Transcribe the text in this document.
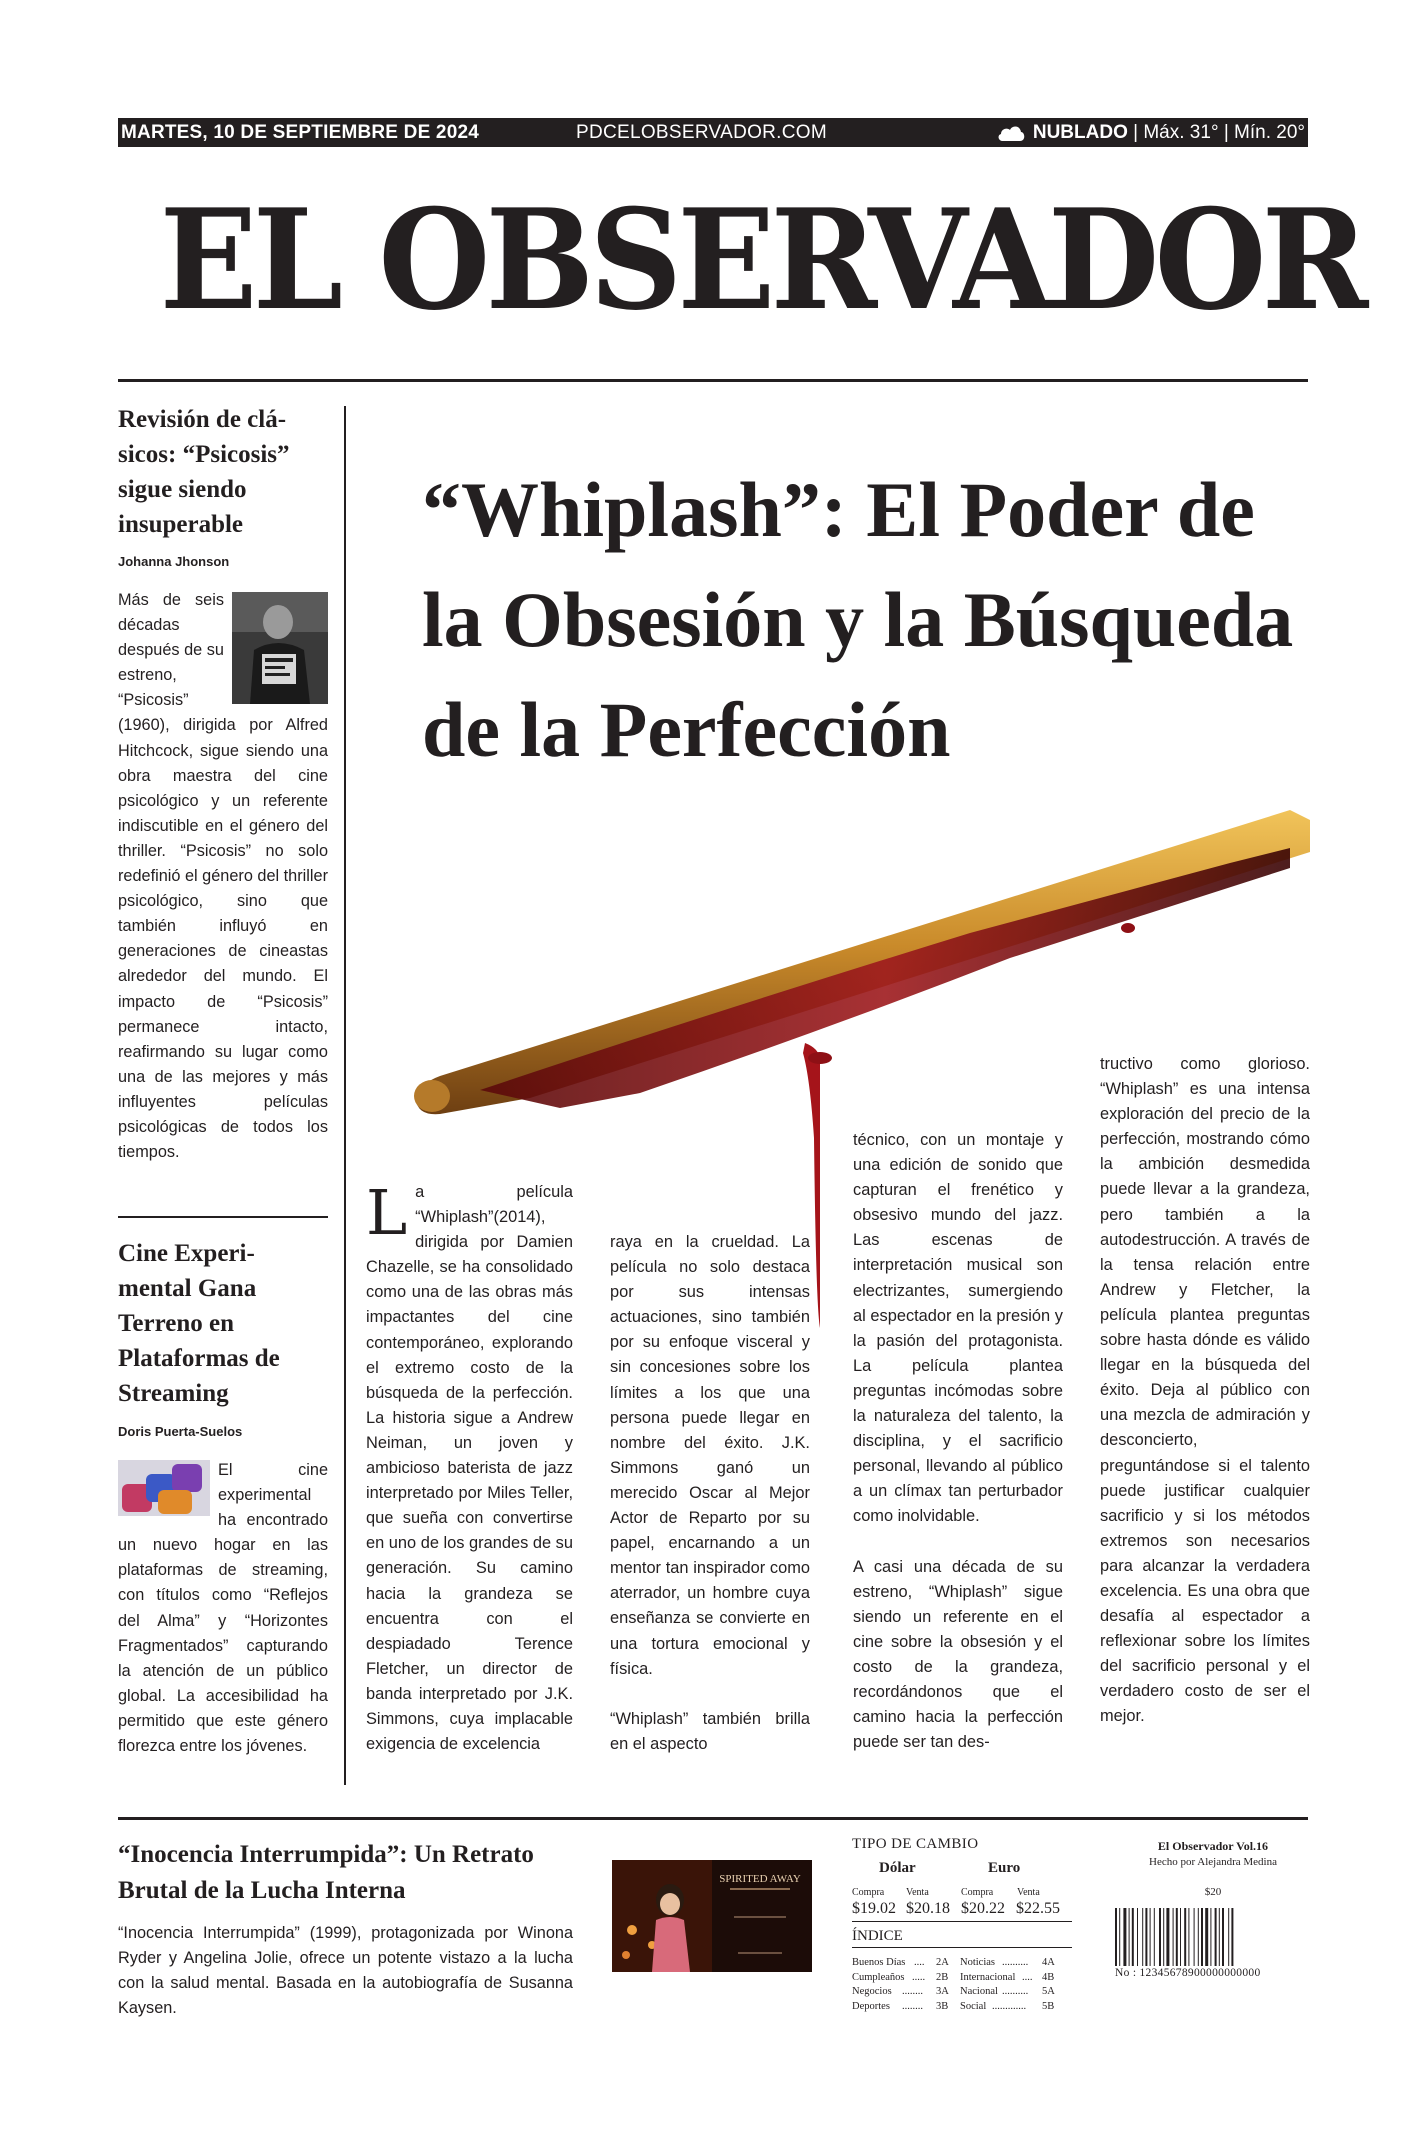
MARTES, 10 DE SEPTIEMBRE DE 2024	PDCELOBSERVADOR.COM	NUBLADO | Máx. 31° | Mín. 20°
EL OBSERVADOR
Revisión de clá- sicos: “Psicosis” sigue siendo insuperable
Johanna Jhonson
Más de seis décadas después de su estreno, “Psicosis” (1960), dirigida por Alfred Hitchcock, sigue siendo una obra maestra del cine psicológico y un referente indiscutible en el género del thriller. “Psicosis” no solo redefinió el género del thriller psicológico, sino que también influyó en generaciones de cineastas alrededor del mundo. El impacto de “Psicosis” permanece intacto, reafirmando su lugar como una de las mejores y más influyentes películas psicológicas de todos los tiempos.
Cine Experi- mental Gana Terreno en Plataformas de Streaming
Doris Puerta-Suelos
El cine experimental ha encontrado un nuevo hogar en las plataformas de streaming, con títulos como “Reflejos del Alma” y “Horizontes Fragmentados” capturando la atención de un público global. La accesibilidad ha permitido que este género florezca entre los jóvenes.
“Whiplash”: El Poder de la Obsesión y la Búsqueda de la Perfección
L a película “Whiplash”(2014), dirigida por Damien Chazelle, se ha consolidado como una de las obras más impactantes del cine contemporáneo, explorando el extremo costo de la búsqueda de la perfección. La historia sigue a Andrew Neiman, un joven y ambicioso baterista de jazz interpretado por Miles Teller, que sueña con convertirse en uno de los grandes de su generación. Su camino hacia la grandeza se encuentra con el despiadado Terence Fletcher, un director de banda interpretado por J.K. Simmons, cuya implacable exigencia de excelencia

raya en la crueldad. La película no solo destaca por sus intensas actuaciones, sino también por su enfoque visceral y sin concesiones sobre los límites a los que una persona puede llegar en nombre del éxito. J.K. Simmons ganó un merecido Oscar al Mejor Actor de Reparto por su papel, encarnando a un mentor tan inspirador como aterrador, un hombre cuya enseñanza se convierte en una tortura emocional y física.

“Whiplash” también brilla en el aspecto

técnico, con un montaje y una edición de sonido que capturan el frenético y obsesivo mundo del jazz. Las escenas de interpretación musical son electrizantes, sumergiendo al espectador en la presión y la pasión del protagonista. La película plantea preguntas incómodas sobre la naturaleza del talento, la disciplina, y el sacrificio personal, llevando al público a un clímax tan perturbador como inolvidable.

A casi una década de su estreno, “Whiplash” sigue siendo un referente en el cine sobre la obsesión y el costo de la grandeza, recordándonos que el camino hacia la perfección puede ser tan des-

tructivo como glorioso. “Whiplash” es una intensa exploración del precio de la perfección, mostrando cómo la ambición desmedida puede llevar a la grandeza, pero también a la autodestrucción. A través de la tensa relación entre Andrew y Fletcher, la película plantea preguntas sobre hasta dónde es válido llegar en la búsqueda del éxito. Deja al público con una mezcla de admiración y desconcierto, preguntándose si el talento puede justificar cualquier sacrificio y si los métodos extremos son necesarios para alcanzar la verdadera excelencia. Es una obra que desafía al espectador a reflexionar sobre los límites del sacrificio personal y el verdadero costo de ser el mejor.

“Inocencia Interrumpida”: Un Retrato Brutal de la Lucha Interna
“Inocencia Interrumpida” (1999), protagonizada por Winona Ryder y Angelina Jolie, ofrece un potente vistazo a la lucha con la salud mental. Basada en la autobiografía de Susanna Kaysen.
SPIRITED AWAY
TIPO DE CAMBIO
Dólar	Euro
Compra Venta	Compra Venta
$19.02 $20.18 $20.22 $22.55
ÍNDICE
Buenos Días .... 2A Noticias .......... 4A
Cumpleaños ..... 2B Internacional .... 4B
Negocios ........ 3A Nacional .......... 5A
Deportes ........ 3B Social ............. 5B
El Observador Vol.16
Hecho por Alejandra Medina
$20
No : 12345678900000000000
